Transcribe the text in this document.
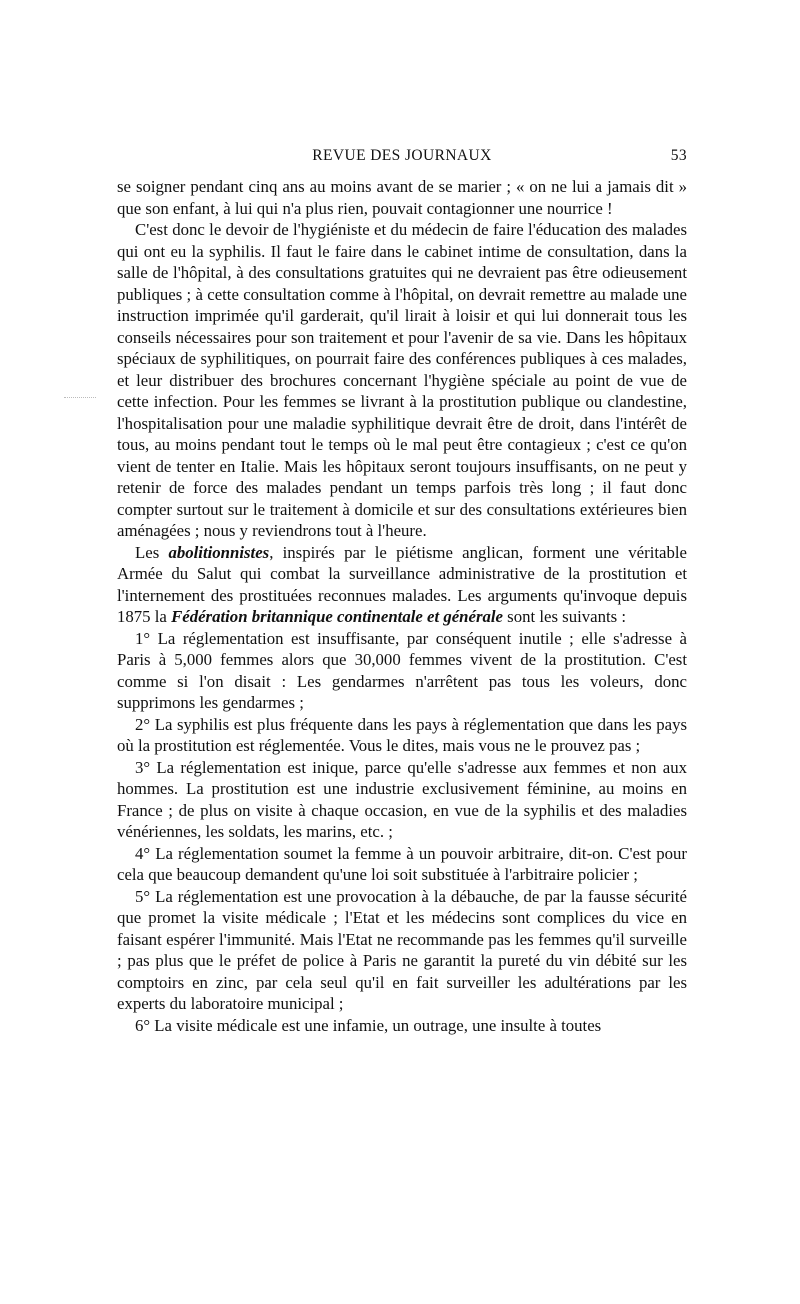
REVUE DES JOURNAUX	53

se soigner pendant cinq ans au moins avant de se marier ; « on ne lui a jamais dit » que son enfant, à lui qui n'a plus rien, pouvait contagionner une nourrice !

C'est donc le devoir de l'hygiéniste et du médecin de faire l'éducation des malades qui ont eu la syphilis. Il faut le faire dans le cabinet intime de consultation, dans la salle de l'hôpital, à des consultations gratuites qui ne devraient pas être odieusement publiques ; à cette consultation comme à l'hôpital, on devrait remettre au malade une instruction imprimée qu'il garderait, qu'il lirait à loisir et qui lui donnerait tous les conseils nécessaires pour son traitement et pour l'avenir de sa vie. Dans les hôpitaux spéciaux de syphilitiques, on pourrait faire des conférences publiques à ces malades, et leur distribuer des brochures concernant l'hygiène spéciale au point de vue de cette infection. Pour les femmes se livrant à la prostitution publique ou clandestine, l'hospitalisation pour une maladie syphilitique devrait être de droit, dans l'intérêt de tous, au moins pendant tout le temps où le mal peut être contagieux ; c'est ce qu'on vient de tenter en Italie. Mais les hôpitaux seront toujours insuffisants, on ne peut y retenir de force des malades pendant un temps parfois très long ; il faut donc compter surtout sur le traitement à domicile et sur des consultations extérieures bien aménagées ; nous y reviendrons tout à l'heure.

Les abolitionnistes, inspirés par le piétisme anglican, forment une véritable Armée du Salut qui combat la surveillance administrative de la prostitution et l'internement des prostituées reconnues malades. Les arguments qu'invoque depuis 1875 la Fédération britannique continentale et générale sont les suivants :

1° La réglementation est insuffisante, par conséquent inutile ; elle s'adresse à Paris à 5,000 femmes alors que 30,000 femmes vivent de la prostitution. C'est comme si l'on disait : Les gendarmes n'arrêtent pas tous les voleurs, donc supprimons les gendarmes ;

2° La syphilis est plus fréquente dans les pays à réglementation que dans les pays où la prostitution est réglementée. Vous le dites, mais vous ne le prouvez pas ;

3° La réglementation est inique, parce qu'elle s'adresse aux femmes et non aux hommes. La prostitution est une industrie exclusivement féminine, au moins en France ; de plus on visite à chaque occasion, en vue de la syphilis et des maladies vénériennes, les soldats, les marins, etc. ;

4° La réglementation soumet la femme à un pouvoir arbitraire, dit-on. C'est pour cela que beaucoup demandent qu'une loi soit substituée à l'arbitraire policier ;

5° La réglementation est une provocation à la débauche, de par la fausse sécurité que promet la visite médicale ; l'Etat et les médecins sont complices du vice en faisant espérer l'immunité. Mais l'Etat ne recommande pas les femmes qu'il surveille ; pas plus que le préfet de police à Paris ne garantit la pureté du vin débité sur les comptoirs en zinc, par cela seul qu'il en fait surveiller les adultérations par les experts du laboratoire municipal ;

6° La visite médicale est une infamie, un outrage, une insulte à toutes
